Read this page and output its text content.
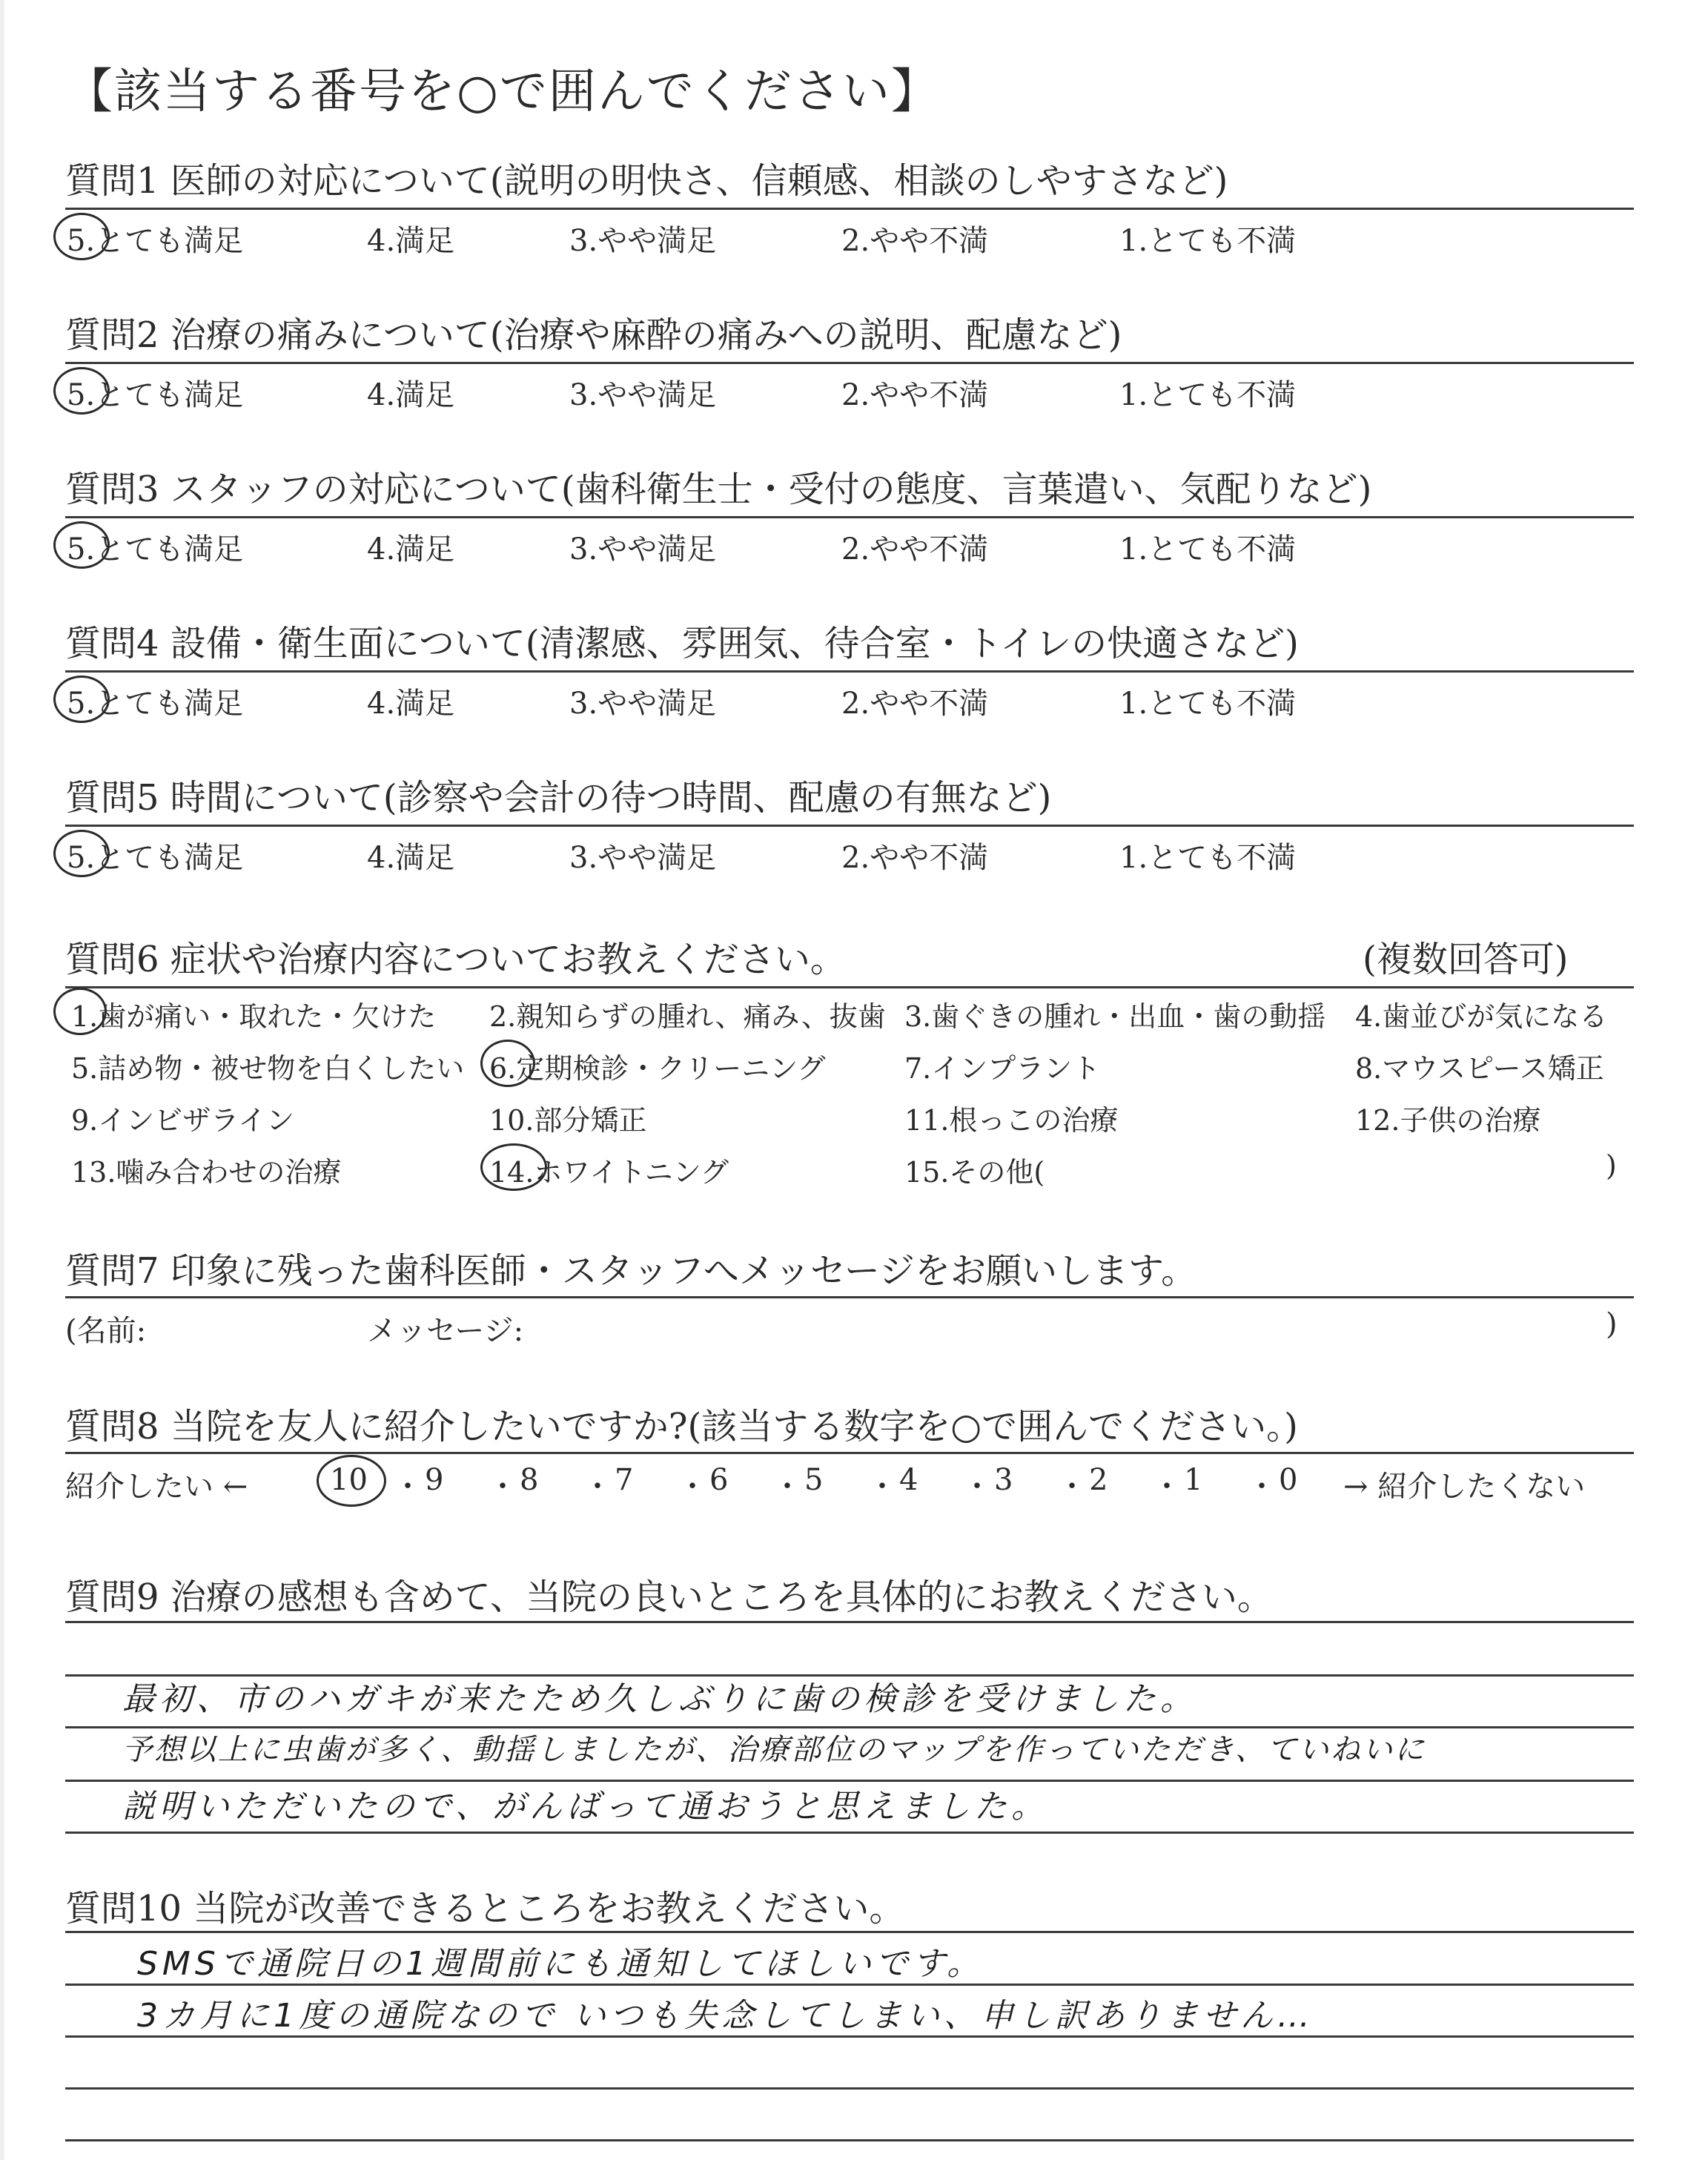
【該当する番号を○で囲んでください】
質問1 医師の対応について(説明の明快さ、信頼感、相談のしやすさなど)
5.とても満足	4.満足	3.やや満足	2.やや不満	1.とても不満
質問2 治療の痛みについて(治療や麻酔の痛みへの説明、配慮など)
5.とても満足	4.満足	3.やや満足	2.やや不満	1.とても不満
質問3 スタッフの対応について(歯科衛生士・受付の態度、言葉遣い、気配りなど)
5.とても満足	4.満足	3.やや満足	2.やや不満	1.とても不満
質問4 設備・衛生面について(清潔感、雰囲気、待合室・トイレの快適さなど)
5.とても満足	4.満足	3.やや満足	2.やや不満	1.とても不満
質問5 時間について(診察や会計の待つ時間、配慮の有無など)
5.とても満足	4.満足	3.やや満足	2.やや不満	1.とても不満
質問6 症状や治療内容についてお教えください。	(複数回答可)
1.歯が痛い・取れた・欠けた 2.親知らずの腫れ、痛み、抜歯 3.歯ぐきの腫れ・出血・歯の動揺 4.歯並びが気になる
5.詰め物・被せ物を白くしたい 6.定期検診・クリーニング	7.インプラント	8.マウスピース矯正
9.インビザライン	10.部分矯正	11.根っこの治療	12.子供の治療
13.噛み合わせの治療	14.ホワイトニング	15.その他(	)
質問7 印象に残った歯科医師・スタッフへメッセージをお願いします。
(名前:	メッセージ:	)
質問8 当院を友人に紹介したいですか?(該当する数字を○で囲んでください。)
紹介したい ←	10 ・ 9 ・ 8 ・ 7 ・ 6 ・ 5 ・ 4 ・ 3 ・ 2 ・ 1 ・ 0 → 紹介したくない
質問9 治療の感想も含めて、当院の良いところを具体的にお教えください。
最初、市のハガキが来たため久しぶりに歯の検診を受けました。
予想以上に虫歯が多く、動揺しましたが、治療部位のマップを作っていただき、ていねいに
説明いただいたので、がんばって通おうと思えました。
質問10 当院が改善できるところをお教えください。
SMSで通院日の1週間前にも通知してほしいです。
3カ月に1度の通院なので いつも失念してしまい、申し訳ありません…
